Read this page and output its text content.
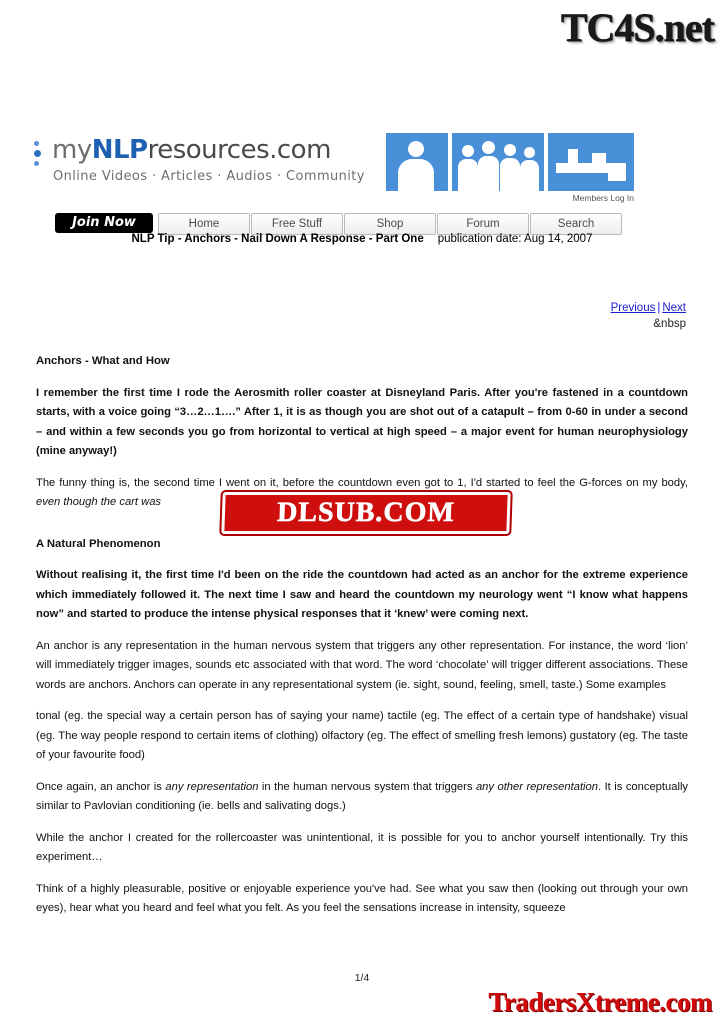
TC4S.net
myNLPresources.com
Online Videos · Articles · Audios · Community
Members Log In
Join Now	Home	Free Stuff	Shop	Forum	Search
NLP Tip - Anchors - Nail Down A Response - Part One publication date: Aug 14, 2007
Previous | Next
&nbsp

Anchors - What and How

I remember the first time I rode the Aerosmith roller coaster at Disneyland Paris. After you're fastened in a countdown starts, with a voice going “3…2…1….” After 1, it is as though you are shot out of a catapult – from 0-60 in under a second – and within a few seconds you go from horizontal to vertical at high speed – a major event for human neurophysiology (mine anyway!)

The funny thing is, the second time I went on it, before the countdown even got to 1, I'd started to feel the G-forces on my body, even though the cart was

A Natural Phenomenon

Without realising it, the first time I'd been on the ride the countdown had acted as an anchor for the extreme experience which immediately followed it. The next time I saw and heard the countdown my neurology went “I know what happens now” and started to produce the intense physical responses that it ‘knew’ were coming next.

An anchor is any representation in the human nervous system that triggers any other representation. For instance, the word ‘lion’ will immediately trigger images, sounds etc associated with that word. The word ‘chocolate’ will trigger different associations. These words are anchors. Anchors can operate in any representational system (ie. sight, sound, feeling, smell, taste.) Some examples

tonal (eg. the special way a certain person has of saying your name) tactile (eg. The effect of a certain type of handshake) visual (eg. The way people respond to certain items of clothing) olfactory (eg. The effect of smelling fresh lemons) gustatory (eg. The taste of your favourite food)

Once again, an anchor is any representation in the human nervous system that triggers any other representation. It is conceptually similar to Pavlovian conditioning (ie. bells and salivating dogs.)

While the anchor I created for the rollercoaster was unintentional, it is possible for you to anchor yourself intentionally. Try this experiment…

Think of a highly pleasurable, positive or enjoyable experience you've had. See what you saw then (looking out through your own eyes), hear what you heard and feel what you felt. As you feel the sensations increase in intensity, squeeze

DLSUB.COM
1/4
TradersXtreme.com
